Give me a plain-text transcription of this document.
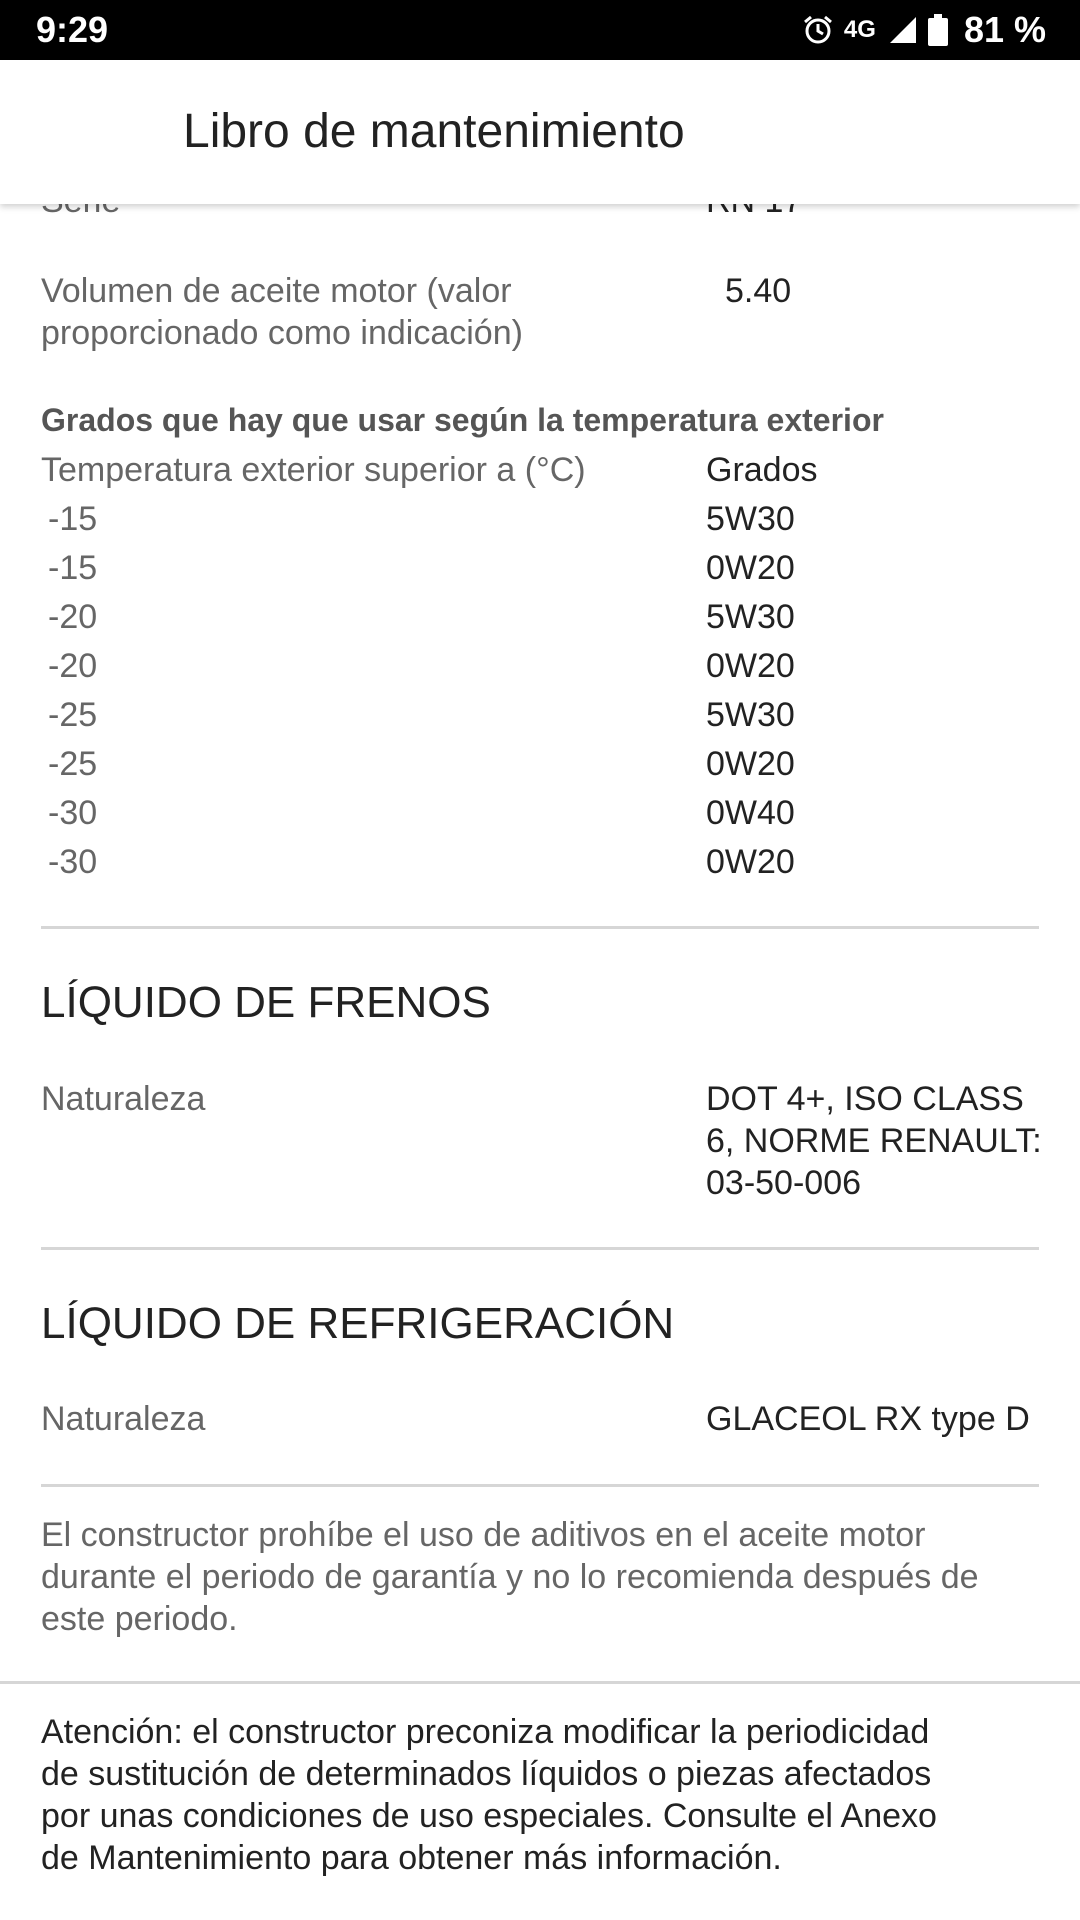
9:29	4G 81 %
Libro de mantenimiento
Volumen de aceite motor (valor
proporcionado como indicación)
5.40
Grados que hay que usar según la temperatura exterior
Temperatura exterior superior a (°C)	Grados
-15	5W30
-15	0W20
-20	5W30
-20	0W20
-25	5W30
-25	0W20
-30	0W40
-30	0W20
LÍQUIDO DE FRENOS
Naturaleza	DOT 4+, ISO CLASS
6, NORME RENAULT:
03-50-006
LÍQUIDO DE REFRIGERACIÓN
Naturaleza	GLACEOL RX type D
El constructor prohíbe el uso de aditivos en el aceite motor
durante el periodo de garantía y no lo recomienda después de
este periodo.
Atención: el constructor preconiza modificar la periodicidad
de sustitución de determinados líquidos o piezas afectados
por unas condiciones de uso especiales. Consulte el Anexo
de Mantenimiento para obtener más información.
